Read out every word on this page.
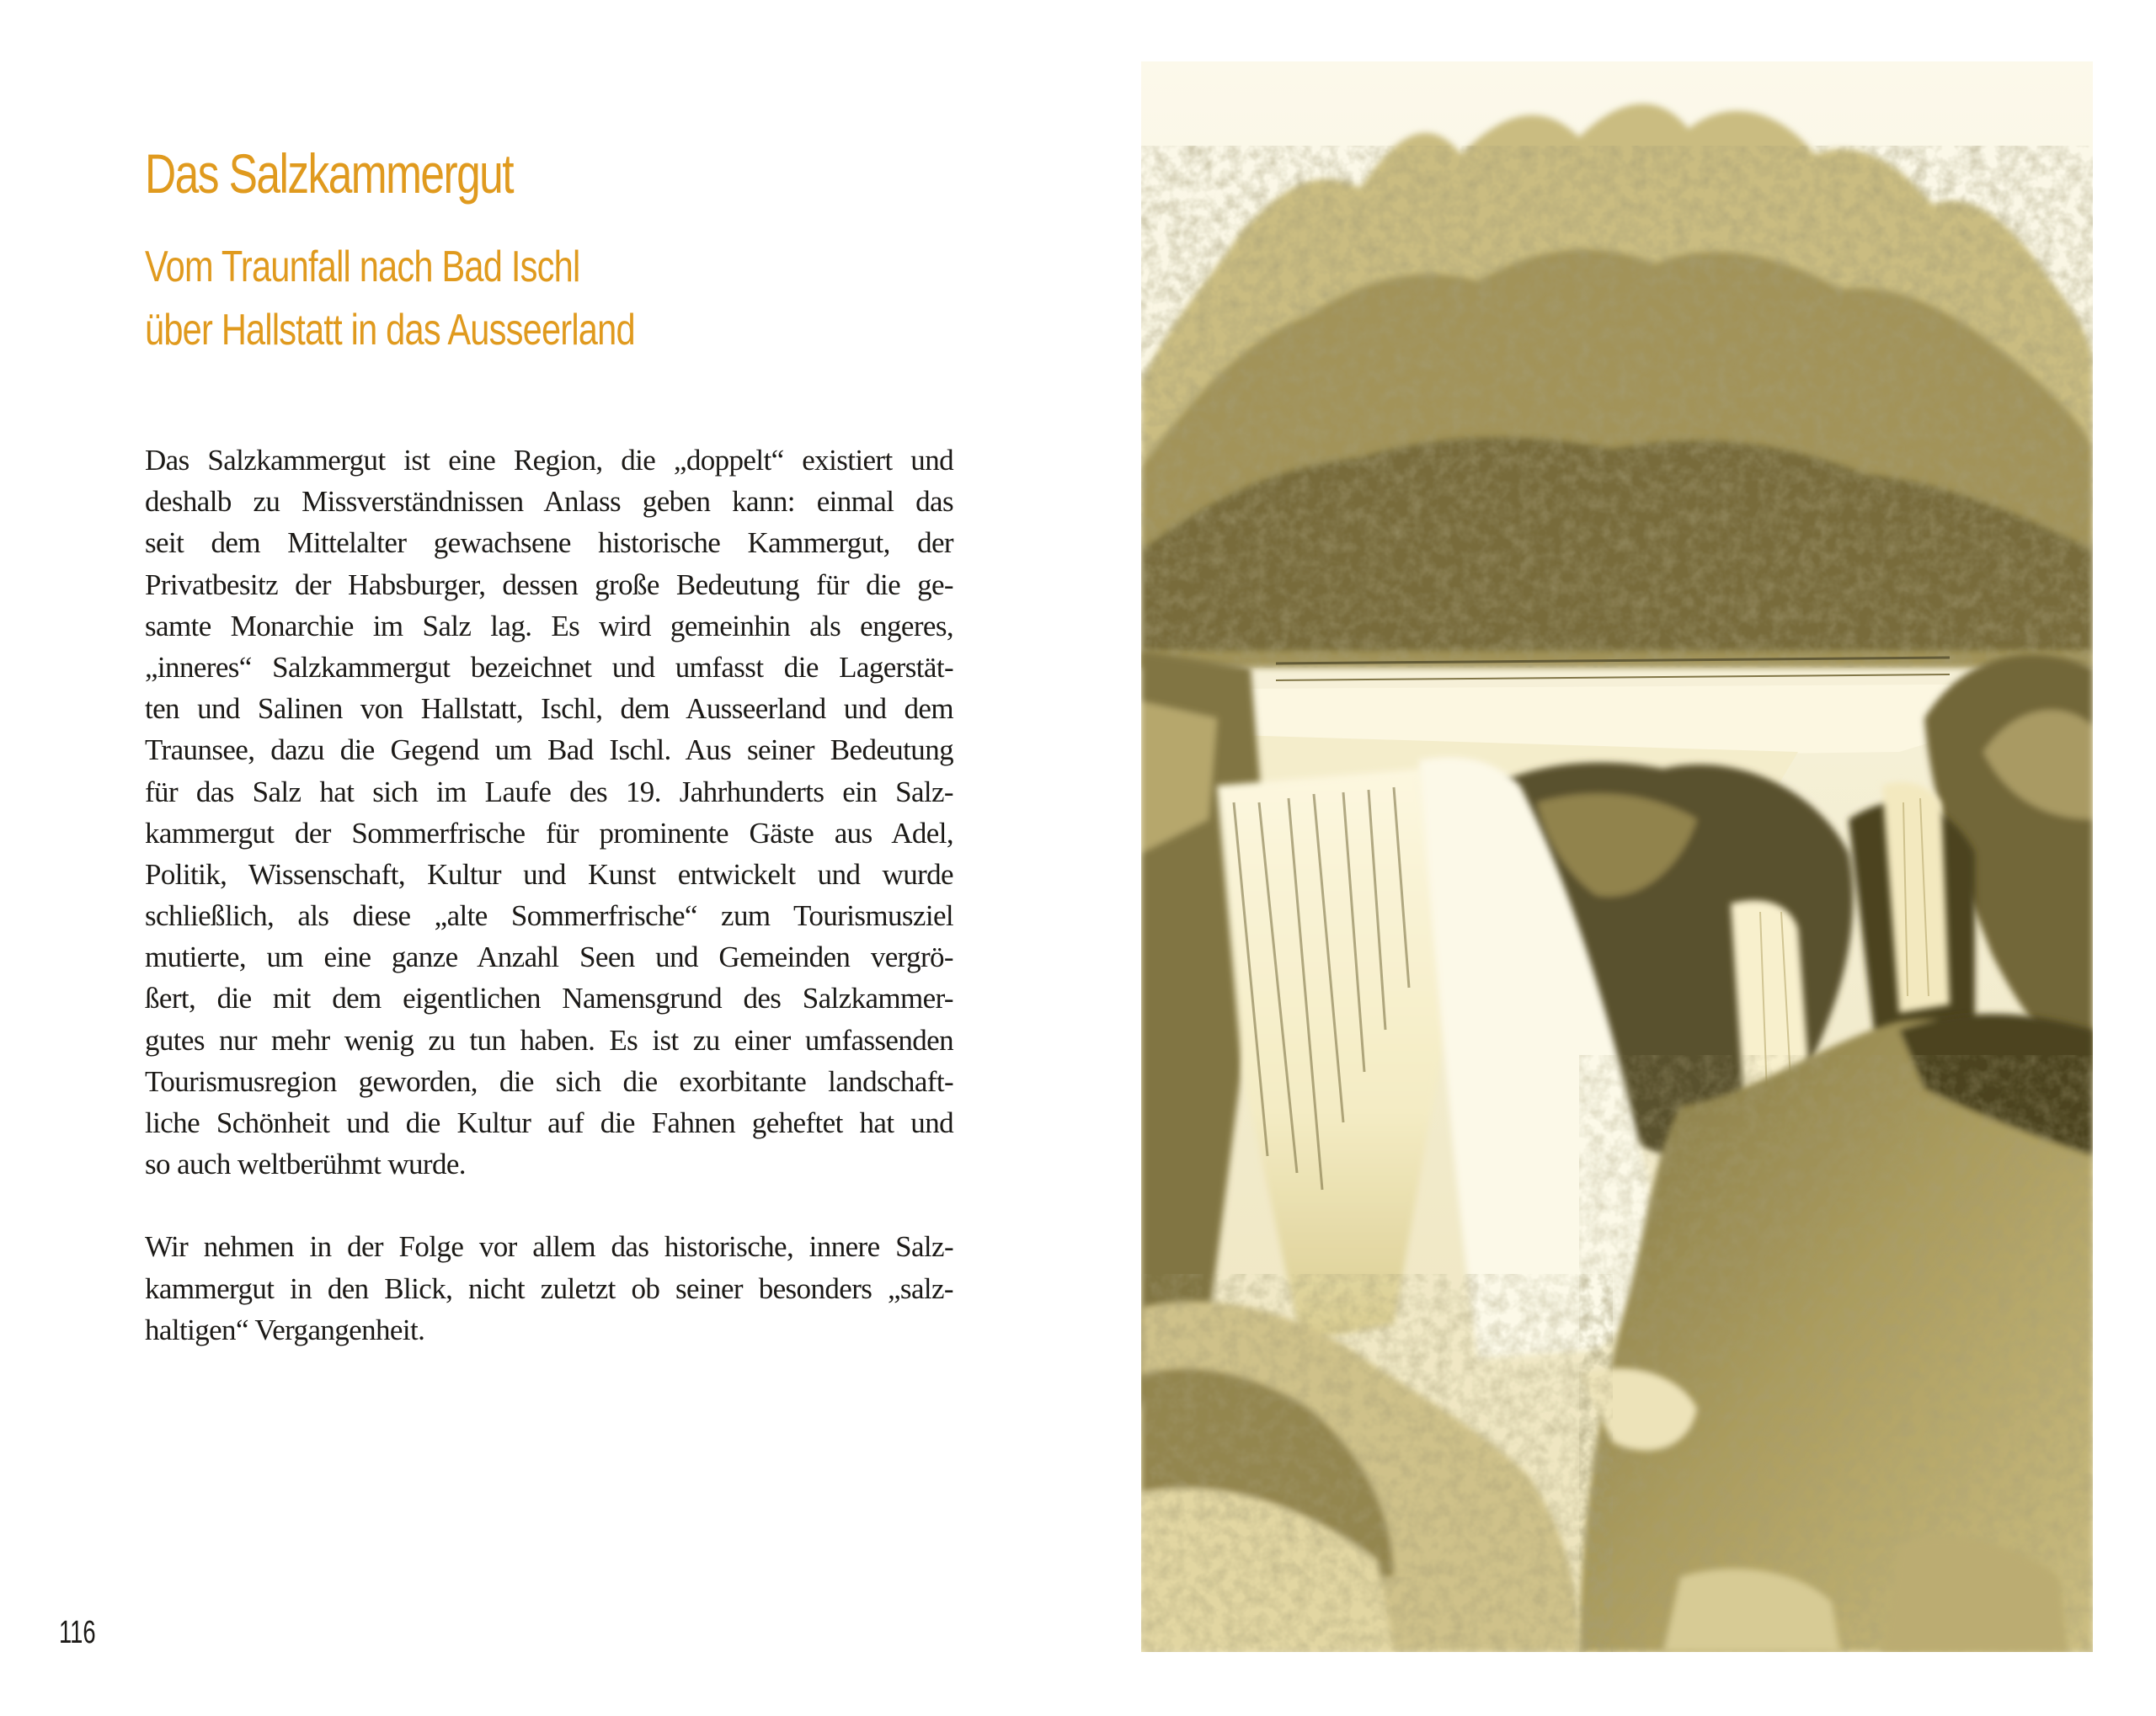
Das Salzkammergut
Vom Traunfall nach Bad Ischl
über Hallstatt in das Ausseerland

Das Salzkammergut ist eine Region, die „doppelt“ existiert und
deshalb zu Missverständnissen Anlass geben kann: einmal das
seit dem Mittelalter gewachsene historische Kammergut, der
Privatbesitz der Habsburger, dessen große Bedeutung für die ge-
samte Monarchie im Salz lag. Es wird gemeinhin als engeres,
„inneres“ Salzkammergut bezeichnet und umfasst die Lagerstät-
ten und Salinen von Hallstatt, Ischl, dem Ausseerland und dem
Traunsee, dazu die Gegend um Bad Ischl. Aus seiner Bedeutung
für das Salz hat sich im Laufe des 19. Jahrhunderts ein Salz-
kammergut der Sommerfrische für prominente Gäste aus Adel,
Politik, Wissenschaft, Kultur und Kunst entwickelt und wurde
schließlich, als diese „alte Sommerfrische“ zum Tourismusziel
mutierte, um eine ganze Anzahl Seen und Gemeinden vergrö-
ßert, die mit dem eigentlichen Namensgrund des Salzkammer-
gutes nur mehr wenig zu tun haben. Es ist zu einer umfassenden
Tourismusregion geworden, die sich die exorbitante landschaft-
liche Schönheit und die Kultur auf die Fahnen geheftet hat und
so auch weltberühmt wurde.

Wir nehmen in der Folge vor allem das historische, innere Salz-
kammergut in den Blick, nicht zuletzt ob seiner besonders „salz-
haltigen“ Vergangenheit.

116
